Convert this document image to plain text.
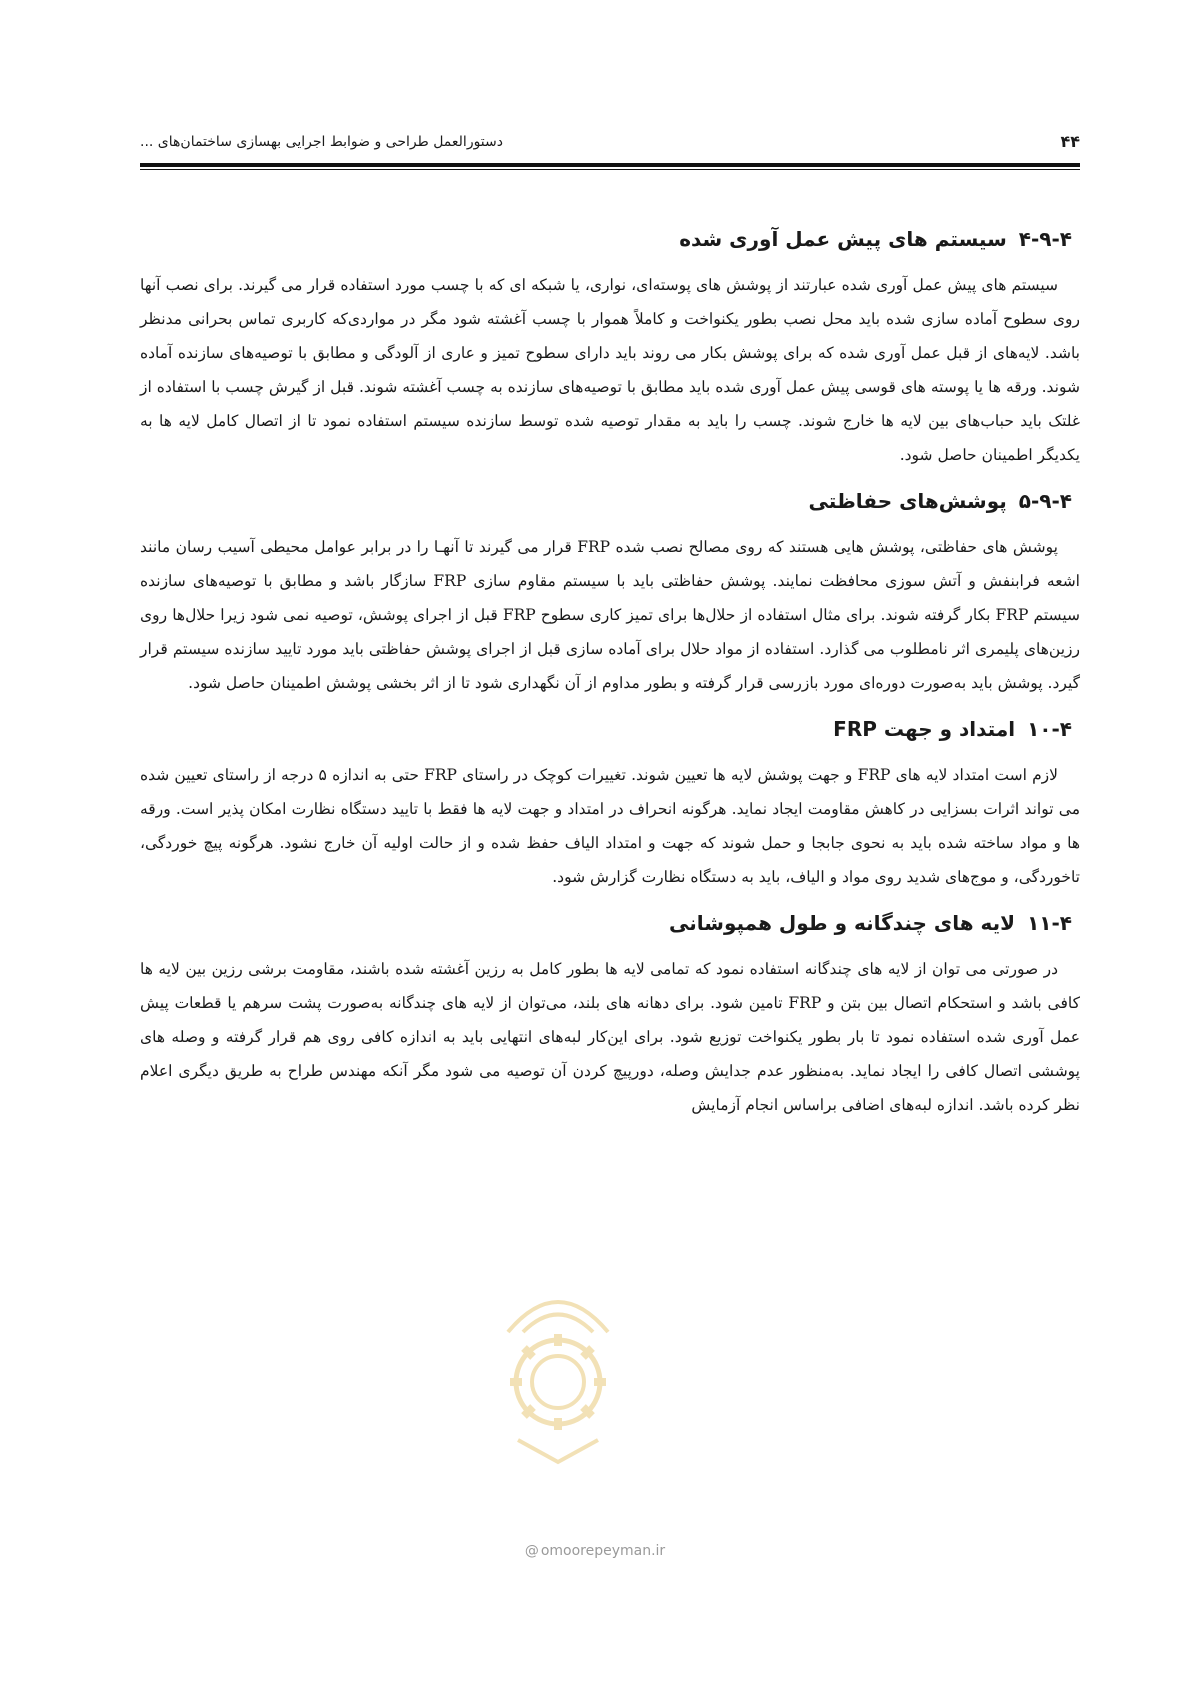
۴۴
دستورالعمل طراحی و ضوابط اجرایی بهسازی ساختمان‌های ...
۴-۹-۴سیستم های پیش عمل آوری شده

سیستم های پیش عمل آوری شده عبارتند از پوشش های پوسته‌ای، نواری، یا شبکه ای که با چسب مورد استفاده قرار می گیرند. برای نصب آنها روی سطوح آماده سازی شده باید محل نصب بطور یکنواخت و کاملاً هموار با چسب آغشته شود مگر در مواردی‌که کاربری تماس بحرانی مدنظر باشد. لایه‌های از قبل عمل آوری شده که برای پوشش بکار می روند باید دارای سطوح تمیز و عاری از آلودگی و مطابق با توصیه‌های سازنده آماده شوند. ورقه ها یا پوسته های قوسی پیش عمل آوری شده باید مطابق با توصیه‌های سازنده به چسب آغشته شوند. قبل از گیرش چسب با استفاده از غلتک باید حباب‌های بین لایه ها خارج شوند. چسب را باید به مقدار توصیه شده توسط سازنده سیستم استفاده نمود تا از اتصال کامل لایه ها به یکدیگر اطمینان حاصل شود.

۵-۹-۴پوشش‌های حفاظتی

پوشش های حفاظتی، پوشش هایی هستند که روی مصالح نصب شده FRP قرار می گیرند تا آنهـا را در برابر عوامل محیطی آسیب رسان مانند اشعه فرابنفش و آتش سوزی محافظت نمایند. پوشش حفاظتی باید با سیستم مقاوم سازی FRP سازگار باشد و مطابق با توصیه‌های سازنده سیستم FRP بکار گرفته شوند. برای مثال استفاده از حلال‌ها برای تمیز کاری سطوح FRP قبل از اجرای پوشش، توصیه نمی شود زیرا حلال‌ها روی رزین‌های پلیمری اثر نامطلوب می گذارد. استفاده از مواد حلال برای آماده سازی قبل از اجرای پوشش حفاظتی باید مورد تایید سازنده سیستم قرار گیرد. پوشش باید به‌صورت دوره‌ای مورد بازرسی قرار گرفته و بطور مداوم از آن نگهداری شود تا از اثر بخشی پوشش اطمینان حاصل شود.

۱۰-۴امتداد و جهت FRP

لازم است امتداد لایه های FRP و جهت پوشش لایه ها تعیین شوند. تغییرات کوچک در راستای FRP حتی به اندازه ۵ درجه از راستای تعیین شده می تواند اثرات بسزایی در کاهش مقاومت ایجاد نماید. هرگونه انحراف در امتداد و جهت لایه ها فقط با تایید دستگاه نظارت امکان پذیر است. ورقه ها و مواد ساخته شده باید به نحوی جابجا و حمل شوند که جهت و امتداد الیاف حفظ شده و از حالت اولیه آن خارج نشود. هرگونه پیچ خوردگی، تاخوردگی، و موج‌های شدید روی مواد و الیاف، باید به دستگاه نظارت گزارش شود.

۱۱-۴لایه های چندگانه و طول همپوشانی

در صورتی می توان از لایه های چندگانه استفاده نمود که تمامی لایه ها بطور کامل به رزین آغشته شده باشند، مقاومت برشی رزین بین لایه ها کافی باشد و استحکام اتصال بین بتن و FRP تامین شود. برای دهانه های بلند، می‌توان از لایه های چندگانه به‌صورت پشت سرهم یا قطعات پیش عمل آوری شده استفاده نمود تا بار بطور یکنواخت توزیع شود. برای این‌کار لبه‌های انتهایی باید به اندازه کافی روی هم قرار گرفته و وصله های پوششی اتصال کافی را ایجاد نماید. به‌منظور عدم جدایش وصله، دورپیچ کردن آن توصیه می شود مگر آنکه مهندس طراح به طریق دیگری اعلام نظر کرده باشد. اندازه لبه‌های اضافی براساس انجام آزمایش

@ omoorepeyman.ir
